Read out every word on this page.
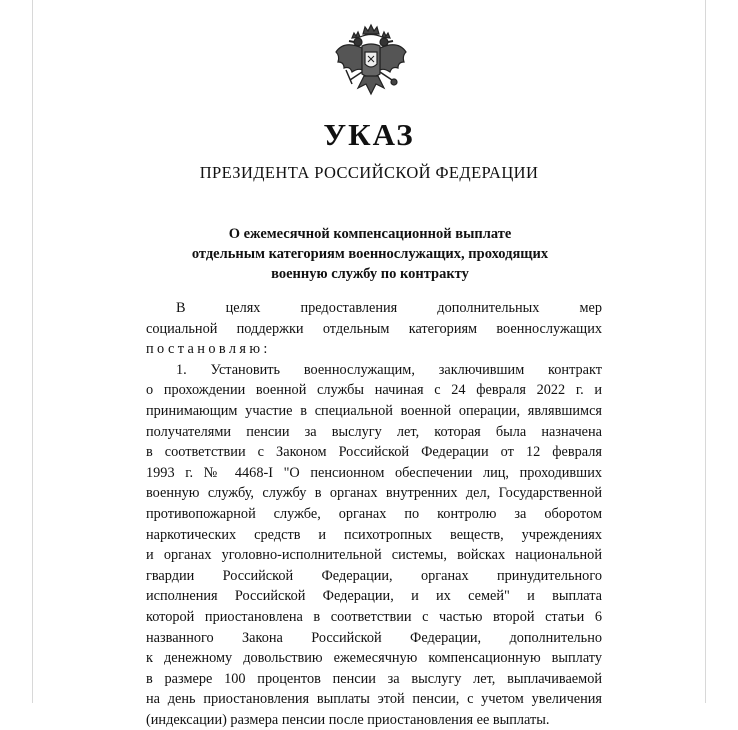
УКАЗ
ПРЕЗИДЕНТА РОССИЙСКОЙ ФЕДЕРАЦИИ
О ежемесячной компенсационной выплате
отдельным категориям военнослужащих, проходящих
военную службу по контракту
В целях предоставления дополнительных мер
социальной поддержки отдельным категориям военнослужащих
постановляю:
1. Установить военнослужащим, заключившим контракт
о прохождении военной службы начиная с 24 февраля 2022 г. и
принимающим участие в специальной военной операции, являвшимся
получателями пенсии за выслугу лет, которая была назначена
в соответствии с Законом Российской Федерации от 12 февраля
1993 г. № 4468-I "О пенсионном обеспечении лиц, проходивших
военную службу, службу в органах внутренних дел, Государственной
противопожарной службе, органах по контролю за оборотом
наркотических средств и психотропных веществ, учреждениях
и органах уголовно-исполнительной системы, войсках национальной
гвардии Российской Федерации, органах принудительного
исполнения Российской Федерации, и их семей" и выплата
которой приостановлена в соответствии с частью второй статьи 6
названного Закона Российской Федерации, дополнительно
к денежному довольствию ежемесячную компенсационную выплату
в размере 100 процентов пенсии за выслугу лет, выплачиваемой
на день приостановления выплаты этой пенсии, с учетом увеличения
(индексации) размера пенсии после приостановления ее выплаты.
